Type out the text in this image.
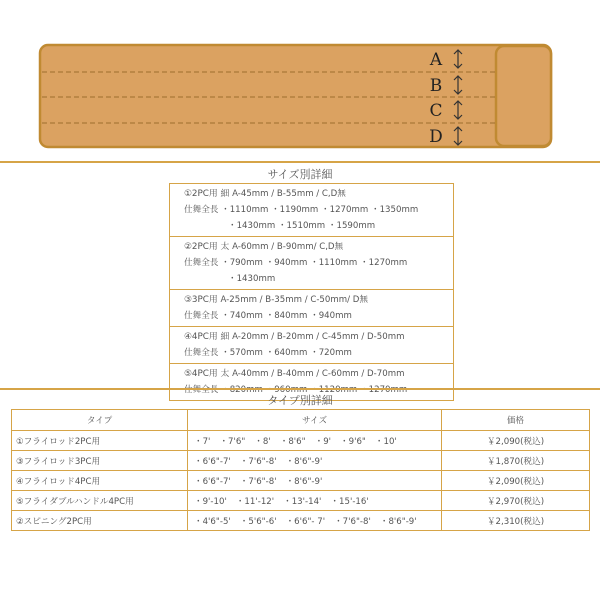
A
B
C
D
サイズ別詳細
①2PC用 細 A-45mm / B-55mm / C,D無
仕舞全長 ・1110mm ・1190mm ・1270mm ・1350mm
・1430mm ・1510mm ・1590mm
②2PC用 太 A-60mm / B-90mm/ C,D無
仕舞全長 ・790mm ・940mm ・1110mm ・1270mm
・1430mm
③3PC用 A-25mm / B-35mm / C-50mm/ D無
仕舞全長 ・740mm ・840mm ・940mm
④4PC用 細 A-20mm / B-20mm / C-45mm / D-50mm
仕舞全長 ・570mm ・640mm ・720mm
⑤4PC用 太 A-40mm / B-40mm / C-60mm / D-70mm
仕舞全長 ・820mm ・960mm ・1120mm ・1270mm
タイプ別詳細
タイプ	サイズ	価格
①フライロッド2PC用	・7' ・7'6" ・8' ・8'6" ・9' ・9'6" ・10'	￥2,090(税込)
③フライロッド3PC用	・6'6"-7' ・7'6"-8' ・8'6"-9'	￥1,870(税込)
④フライロッド4PC用	・6'6"-7' ・7'6"-8' ・8'6"-9'	￥2,090(税込)
⑤フライダブルハンドル4PC用	・9'-10' ・11'-12' ・13'-14' ・15'-16'	￥2,970(税込)
②スピニング2PC用	・4'6"-5' ・5'6"-6' ・6'6"- 7' ・7'6"-8' ・8'6"-9'	￥2,310(税込)
